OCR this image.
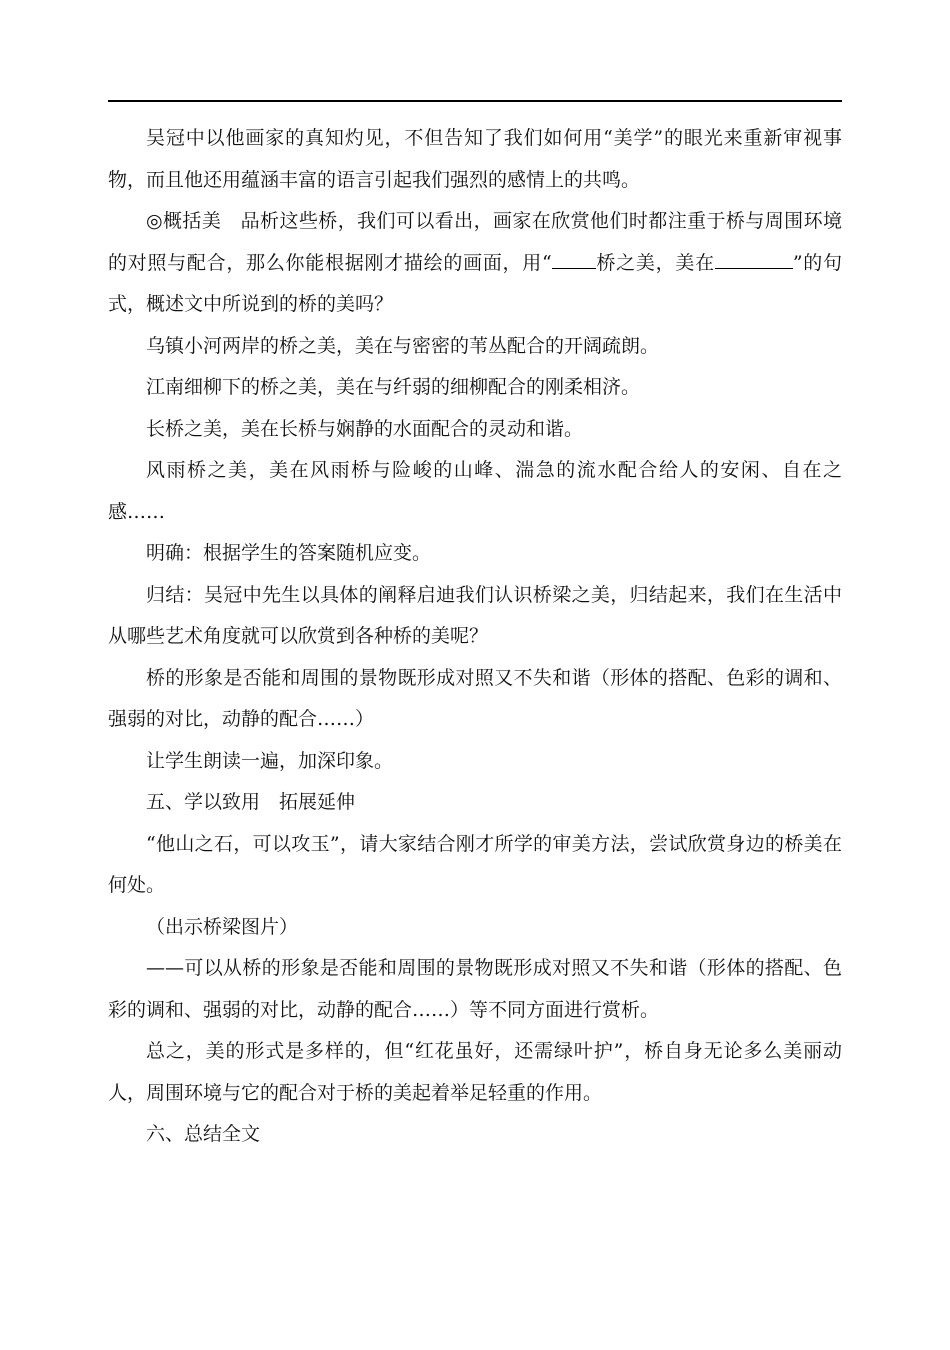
吴冠中以他画家的真知灼见，不但告知了我们如何用“美学”的眼光来重新审视事物，而且他还用蕴涵丰富的语言引起我们强烈的感情上的共鸣。

◎概括美　品析这些桥，我们可以看出，画家在欣赏他们时都注重于桥与周围环境的对照与配合，那么你能根据刚才描绘的画面，用“ 桥之美，美在	”的句式，概述文中所说到的桥的美吗？

乌镇小河两岸的桥之美，美在与密密的苇丛配合的开阔疏朗。

江南细柳下的桥之美，美在与纤弱的细柳配合的刚柔相济。

长桥之美，美在长桥与娴静的水面配合的灵动和谐。

风雨桥之美，美在风雨桥与险峻的山峰、湍急的流水配合给人的安闲、自在之感……

明确：根据学生的答案随机应变。

归结：吴冠中先生以具体的阐释启迪我们认识桥梁之美，归结起来，我们在生活中从哪些艺术角度就可以欣赏到各种桥的美呢？

桥的形象是否能和周围的景物既形成对照又不失和谐（形体的搭配、色彩的调和、强弱的对比，动静的配合……）

让学生朗读一遍，加深印象。

五、学以致用　拓展延伸

“他山之石，可以攻玉”，请大家结合刚才所学的审美方法，尝试欣赏身边的桥美在何处。

（出示桥梁图片）

——可以从桥的形象是否能和周围的景物既形成对照又不失和谐（形体的搭配、色彩的调和、强弱的对比，动静的配合……）等不同方面进行赏析。

总之，美的形式是多样的，但“红花虽好，还需绿叶护”，桥自身无论多么美丽动人，周围环境与它的配合对于桥的美起着举足轻重的作用。

六、总结全文
